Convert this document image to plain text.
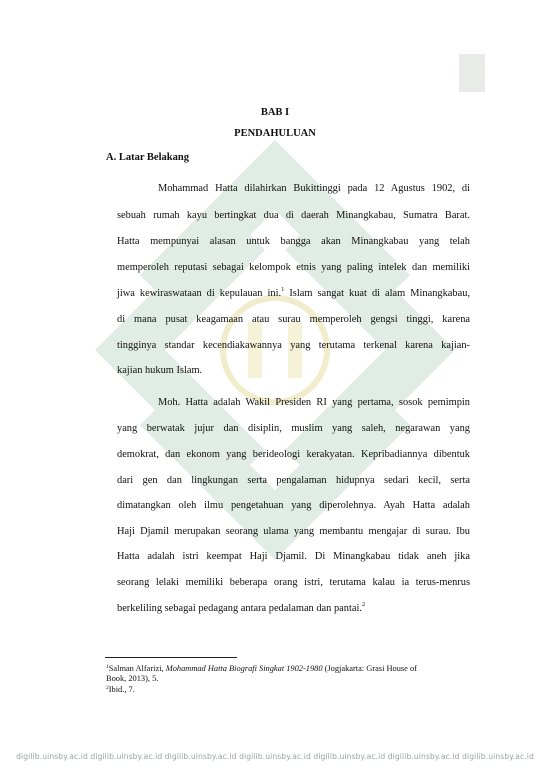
BAB I
PENDAHULUAN
A. Latar Belakang
Mohammad Hatta dilahirkan Bukittinggi pada 12 Agustus 1902, di
sebuah rumah kayu bertingkat dua di daerah Minangkabau, Sumatra Barat.
Hatta mempunyai alasan untuk bangga akan Minangkabau yang telah
memperoleh reputasi sebagai kelompok etnis yang paling intelek dan memiliki
jiwa kewiraswataan di kepulauan ini.$^1$ Islam sangat kuat di alam Minangkabau,
di mana pusat keagamaan atau surau memperoleh gengsi tinggi, karena
tingginya standar kecendiakawannya yang terutama terkenal karena kajian-
kajian hukum Islam.
Moh. Hatta adalah Wakil Presiden RI yang pertama, sosok pemimpin
yang berwatak jujur dan disiplin, muslim yang saleh, negarawan yang
demokrat, dan ekonom yang berideologi kerakyatan. Kepribadiannya dibentuk
dari gen dan lingkungan serta pengalaman hidupnya sedari kecil, serta
dimatangkan oleh ilmu pengetahuan yang diperolehnya. Ayah Hatta adalah
Haji Djamil merupakan seorang ulama yang membantu mengajar di surau. Ibu
Hatta adalah istri keempat Haji Djamil. Di Minangkabau tidak aneh jika
seorang lelaki memiliki beberapa orang istri, terutama kalau ia terus-menrus
berkeliling sebagai pedagang antara pedalaman dan pantai.$^2$
$^1$Salman Alfarizi, Mohammad Hatta Biografi Singkat 1902-1980 (Jogjakarta: Grasi House of
Book, 2013), 5.
$^2$Ibid., 7.
digilib.uinsby.ac.id digilib.uinsby.ac.id digilib.uinsby.ac.id digilib.uinsby.ac.id digilib.uinsby.ac.id digilib.uinsby.ac.id digilib.uinsby.ac.id
